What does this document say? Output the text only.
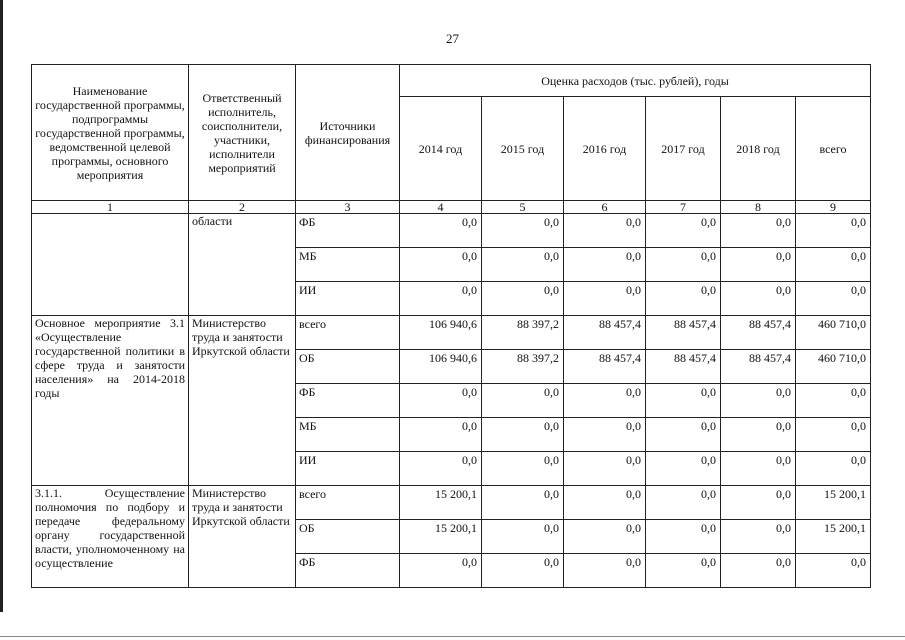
27
Наименование государственной программы, подпрограммы государственной программы, ведомственной целевой программы, основного мероприятия	Ответственный исполнитель, соисполнители, участники, исполнители мероприятий	Источники финансирования	Оценка расходов (тыс. рублей), годы					
			2014 год	2015 год	2016 год	2017 год	2018 год	всего
1	2	3	4	5	6	7	8	9
	области	ФБ	0,0	0,0	0,0	0,0	0,0	0,0
		МБ	0,0	0,0	0,0	0,0	0,0	0,0
		ИИ	0,0	0,0	0,0	0,0	0,0	0,0
Основное мероприятие 3.1 «Осуществление государственной политики в сфере труда и занятости населения» на 2014-2018 годы	Министерство труда и занятости Иркутской области	всего	106 940,6	88 397,2	88 457,4	88 457,4	88 457,4	460 710,0
		ОБ	106 940,6	88 397,2	88 457,4	88 457,4	88 457,4	460 710,0
		ФБ	0,0	0,0	0,0	0,0	0,0	0,0
		МБ	0,0	0,0	0,0	0,0	0,0	0,0
		ИИ	0,0	0,0	0,0	0,0	0,0	0,0
3.1.1. Осуществление полномочия по подбору и передаче федеральному органу государственной власти, уполномоченному на осуществление	Министерство труда и занятости Иркутской области	всего	15 200,1	0,0	0,0	0,0	0,0	15 200,1
		ОБ	15 200,1	0,0	0,0	0,0	0,0	15 200,1
		ФБ	0,0	0,0	0,0	0,0	0,0	0,0
